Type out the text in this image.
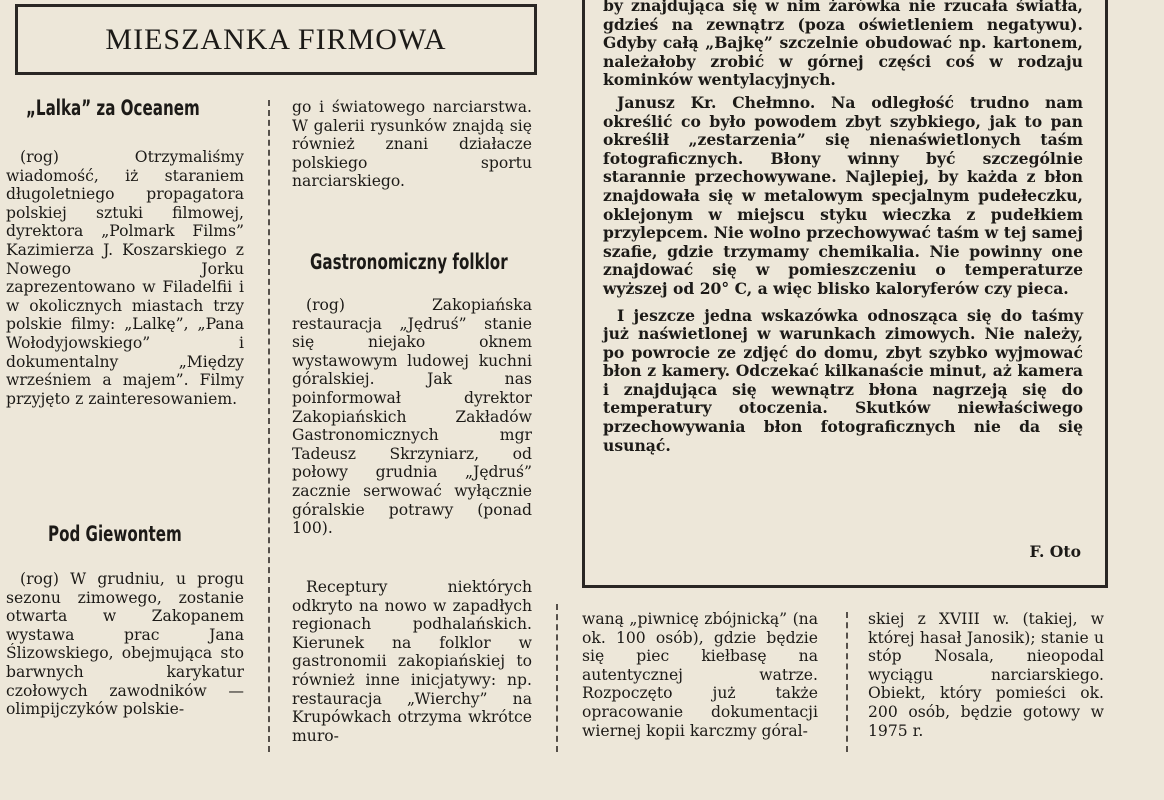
MIESZANKA FIRMOWA
„Lalka” za Oceanem
(rog) Otrzymaliśmy wiadomość, iż staraniem długoletniego propagatora polskiej sztuki filmowej, dyrektora „Polmark Films” Kazimierza J. Koszarskiego z Nowego Jorku zaprezentowano w Filadelfii i w okolicznych miastach trzy polskie filmy: „Lalkę”, „Pana Wołodyjowskiego” i dokumentalny „Między wrześniem a majem”. Filmy przyjęto z zainteresowaniem.
Pod Giewontem
(rog) W grudniu, u progu sezonu zimowego, zostanie otwarta w Zakopanem wystawa prac Jana Ślizowskiego, obejmująca sto barwnych karykatur czołowych zawodników — olimpijczyków polskie-
go i światowego narciarstwa. W galerii rysunków znajdą się również znani działacze polskiego sportu narciarskiego.
Gastronomiczny folklor
(rog) Zakopiańska restauracja „Jędruś” stanie się niejako oknem wystawowym ludowej kuchni góralskiej. Jak nas poinformował dyrektor Zakopiańskich Zakładów Gastronomicznych mgr Tadeusz Skrzyniarz, od połowy grudnia „Jędruś” zacznie serwować wyłącznie góralskie potrawy (ponad 100).
Receptury niektórych odkryto na nowo w zapadłych regionach podhalańskich. Kierunek na folklor w gastronomii zakopiańskiej to również inne inicjatywy: np. restauracja „Wierchy” na Krupówkach otrzyma wkrótce muro-

by znajdująca się w nim żarówka nie rzucała światła, gdzieś na zewnątrz (poza oświetleniem negatywu). Gdyby całą „Bajkę” szczelnie obudować np. kartonem, należałoby zrobić w górnej części coś w rodzaju kominków wentylacyjnych.

Janusz Kr. Chełmno. Na odległość trudno nam określić co było powodem zbyt szybkiego, jak to pan określił „zestarzenia” się nienaświetlonych taśm fotograficznych. Błony winny być szczególnie starannie przechowywane. Najlepiej, by każda z błon znajdowała się w metalowym specjalnym pudełeczku, oklejonym w miejscu styku wieczka z pudełkiem przylepcem. Nie wolno przechowywać taśm w tej samej szafie, gdzie trzymamy chemikalia. Nie powinny one znajdować się w pomieszczeniu o temperaturze wyższej od 20° C, a więc blisko kaloryferów czy pieca.

I jeszcze jedna wskazówka odnosząca się do taśmy już naświetlonej w warunkach zimowych. Nie należy, po powrocie ze zdjęć do domu, zbyt szybko wyjmować błon z kamery. Odczekać kilkanaście minut, aż kamera i znajdująca się wewnątrz błona nagrzeją się do temperatury otoczenia. Skutków niewłaściwego przechowywania błon fotograficznych nie da się usunąć.

F. Oto
waną „piwnicę zbójnicką” (na ok. 100 osób), gdzie będzie się piec kiełbasę na autentycznej watrze. Rozpoczęto już także opracowanie dokumentacji wiernej kopii karczmy góral-
skiej z XVIII w. (takiej, w której hasał Janosik); stanie u stóp Nosala, nieopodal wyciągu narciarskiego. Obiekt, który pomieści ok. 200 osób, będzie gotowy w 1975 r.
